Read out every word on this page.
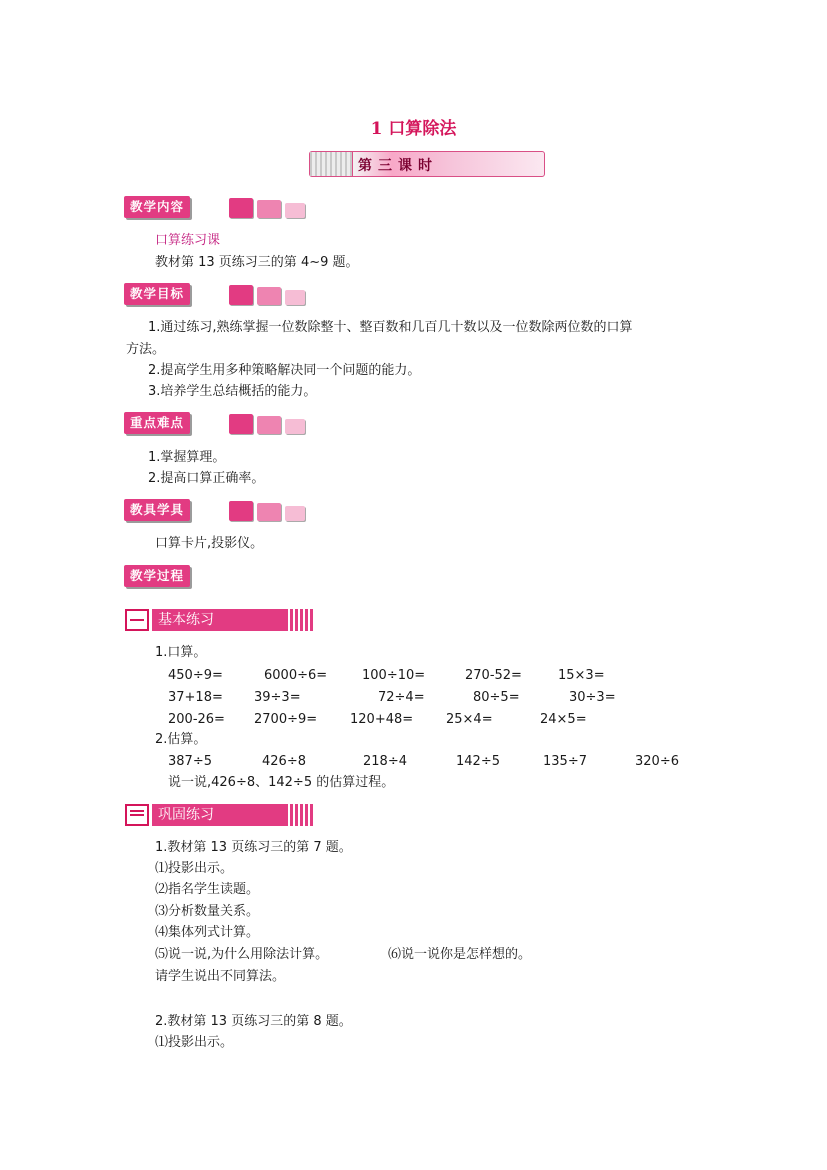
1 口算除法
第三课时
教学内容
口算练习课
教材第 13 页练习三的第 4~9 题。
教学目标
1.通过练习,熟练掌握一位数除整十、整百数和几百几十数以及一位数除两位数的口算
方法。
2.提高学生用多种策略解决同一个问题的能力。
3.培养学生总结概括的能力。
重点难点
1.掌握算理。
2.提高口算正确率。
教具学具
口算卡片,投影仪。
教学过程
基本练习
1.口算。
450÷9=	6000÷6=	100÷10=	270-52=	15×3=
37+18=	39÷3=	72÷4=	80÷5=	30÷3=
200-26=	2700÷9=	120+48=	25×4=	24×5=
2.估算。
387÷5	426÷8	218÷4	142÷5	135÷7	320÷6
说一说,426÷8、142÷5 的估算过程。
巩固练习
1.教材第 13 页练习三的第 7 题。
⑴投影出示。
⑵指名学生读题。
⑶分析数量关系。
⑷集体列式计算。
⑸说一说,为什么用除法计算。	⑹说一说你是怎样想的。
请学生说出不同算法。
2.教材第 13 页练习三的第 8 题。
⑴投影出示。
